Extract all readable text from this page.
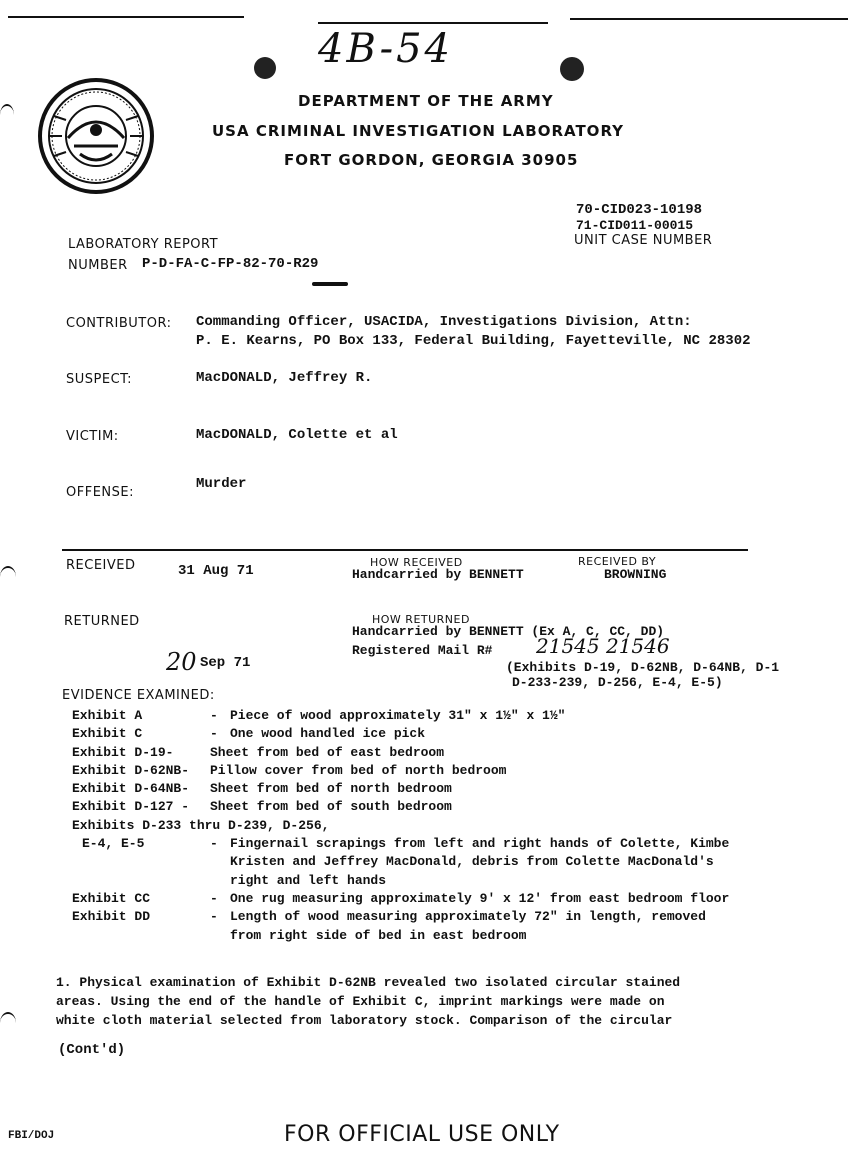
4B-54
DEPARTMENT OF THE ARMY
USA CRIMINAL INVESTIGATION LABORATORY
FORT GORDON, GEORGIA 30905
70-CID023-10198
71-CID011-00015
UNIT CASE NUMBER
LABORATORY REPORT
NUMBER P-D-FA-C-FP-82-70-R29
CONTRIBUTOR: Commanding Officer, USACIDA, Investigations Division, Attn:
P. E. Kearns, PO Box 133, Federal Building, Fayetteville, NC 28302
SUSPECT:	MacDONALD, Jeffrey R.
VICTIM:	MacDONALD, Colette et al
OFFENSE:
Murder
RECEIVED	31 Aug 71
HOW RECEIVED
Handcarried by BENNETT
RECEIVED BY
BROWNING
RETURNED
20 Sep 71
HOW RETURNED
Handcarried by BENNETT (Ex A, C, CC, DD)
Registered Mail R# 21545 21546
(Exhibits D-19, D-62NB, D-64NB, D-1
D-233-239, D-256, E-4, E-5)
EVIDENCE EXAMINED:
Exhibit A	- Piece of wood approximately 31" x 1½" x 1½"
Exhibit C	- One wood handled ice pick
Exhibit D-19-	Sheet from bed of east bedroom
Exhibit D-62NB- Pillow cover from bed of north bedroom
Exhibit D-64NB- Sheet from bed of north bedroom
Exhibit D-127 - Sheet from bed of south bedroom
Exhibits D-233 thru D-239, D-256,
E-4, E-5	- Fingernail scrapings from left and right hands of Colette, Kimbe
Kristen and Jeffrey MacDonald, debris from Colette MacDonald's
right and left hands
Exhibit CC	- One rug measuring approximately 9' x 12' from east bedroom floor
Exhibit DD	- Length of wood measuring approximately 72" in length, removed
from right side of bed in east bedroom
1. Physical examination of Exhibit D-62NB revealed two isolated circular stained
areas. Using the end of the handle of Exhibit C, imprint markings were made on
white cloth material selected from laboratory stock. Comparison of the circular
(Cont'd)
FBI/DOJ	FOR OFFICIAL USE ONLY
